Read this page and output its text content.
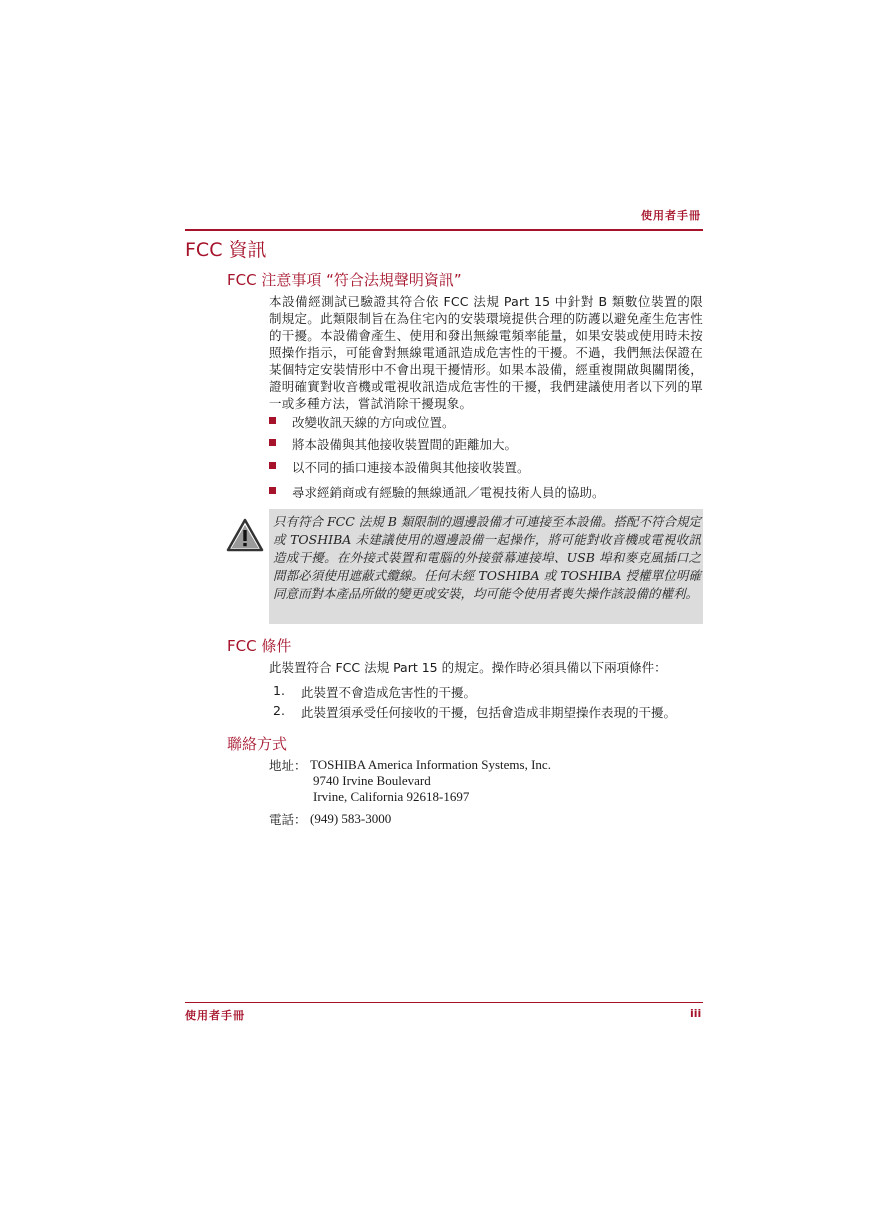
使用者手冊
FCC 資訊
FCC 注意事項 “符合法規聲明資訊”
本設備經測試已驗證其符合依 FCC 法規 Part 15 中針對 B 類數位裝置的限制規定。此類限制旨在為住宅內的安裝環境提供合理的防護以避免產生危害性的干擾。本設備會產生、使用和發出無線電頻率能量，如果安裝或使用時未按照操作指示，可能會對無線電通訊造成危害性的干擾。不過，我們無法保證在某個特定安裝情形中不會出現干擾情形。如果本設備，經重複開啟與關閉後，證明確實對收音機或電視收訊造成危害性的干擾，我們建議使用者以下列的單一或多種方法，嘗試消除干擾現象。
改變收訊天線的方向或位置。
將本設備與其他接收裝置間的距離加大。
以不同的插口連接本設備與其他接收裝置。
尋求經銷商或有經驗的無線通訊／電視技術人員的協助。
只有符合 FCC 法規 B 類限制的週邊設備才可連接至本設備。搭配不符合規定或 TOSHIBA 未建議使用的週邊設備一起操作，將可能對收音機或電視收訊造成干擾。在外接式裝置和電腦的外接螢幕連接埠、USB 埠和麥克風插口之間都必須使用遮蔽式纜線。任何未經 TOSHIBA 或 TOSHIBA 授權單位明確同意而對本產品所做的變更或安裝，均可能令使用者喪失操作該設備的權利。
FCC 條件
此裝置符合 FCC 法規 Part 15 的規定。操作時必須具備以下兩項條件：
1. 此裝置不會造成危害性的干擾。
2. 此裝置須承受任何接收的干擾，包括會造成非期望操作表現的干擾。
聯絡方式
地址： TOSHIBA America Information Systems, Inc.
9740 Irvine Boulevard
Irvine, California 92618-1697
電話： (949) 583-3000
使用者手冊	iii
